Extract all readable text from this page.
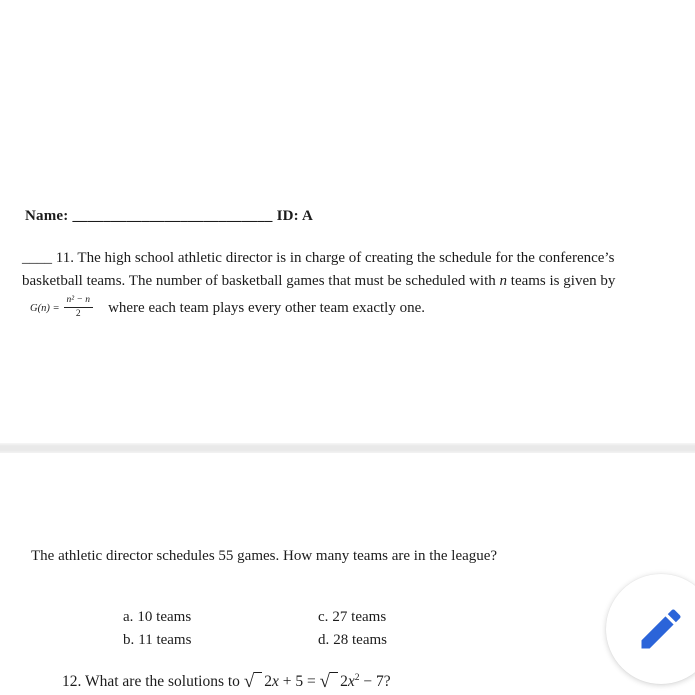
Name: __________________________ ID: A
____ 11. The high school athletic director is in charge of creating the schedule for the conference’s
basketball teams. The number of basketball games that must be scheduled with n teams is given by
$G(n) = \frac{\text{n² − n}}{2}$ where each team plays every other team exactly one.
The athletic director schedules 55 games. How many teams are in the league?
a. 10 teams
b. 11 teams
c. 27 teams
d. 28 teams
12. What are the solutions to √ 2x + 5 = √ $2x^2 - 7$?
